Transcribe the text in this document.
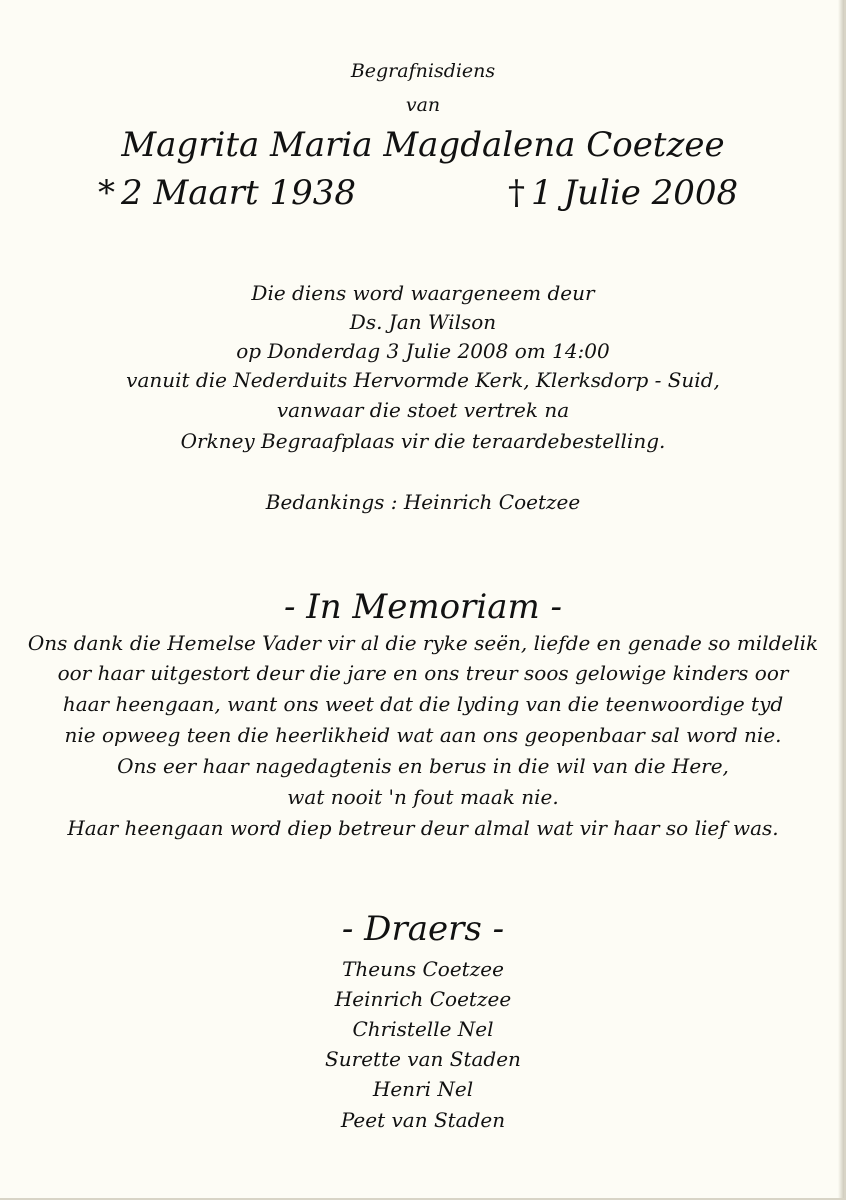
Begrafnisdiens
van
Magrita Maria Magdalena Coetzee
* 2 Maart 1938	† 1 Julie 2008
Die diens word waargeneem deur
Ds. Jan Wilson
op Donderdag 3 Julie 2008 om 14:00
vanuit die Nederduits Hervormde Kerk, Klerksdorp - Suid,
vanwaar die stoet vertrek na
Orkney Begraafplaas vir die teraardebestelling.
Bedankings : Heinrich Coetzee
- In Memoriam -
Ons dank die Hemelse Vader vir al die ryke seën, liefde en genade so mildelik
oor haar uitgestort deur die jare en ons treur soos gelowige kinders oor
haar heengaan, want ons weet dat die lyding van die teenwoordige tyd
nie opweeg teen die heerlikheid wat aan ons geopenbaar sal word nie.
Ons eer haar nagedagtenis en berus in die wil van die Here,
wat nooit 'n fout maak nie.
Haar heengaan word diep betreur deur almal wat vir haar so lief was.
- Draers -
Theuns Coetzee
Heinrich Coetzee
Christelle Nel
Surette van Staden
Henri Nel
Peet van Staden
